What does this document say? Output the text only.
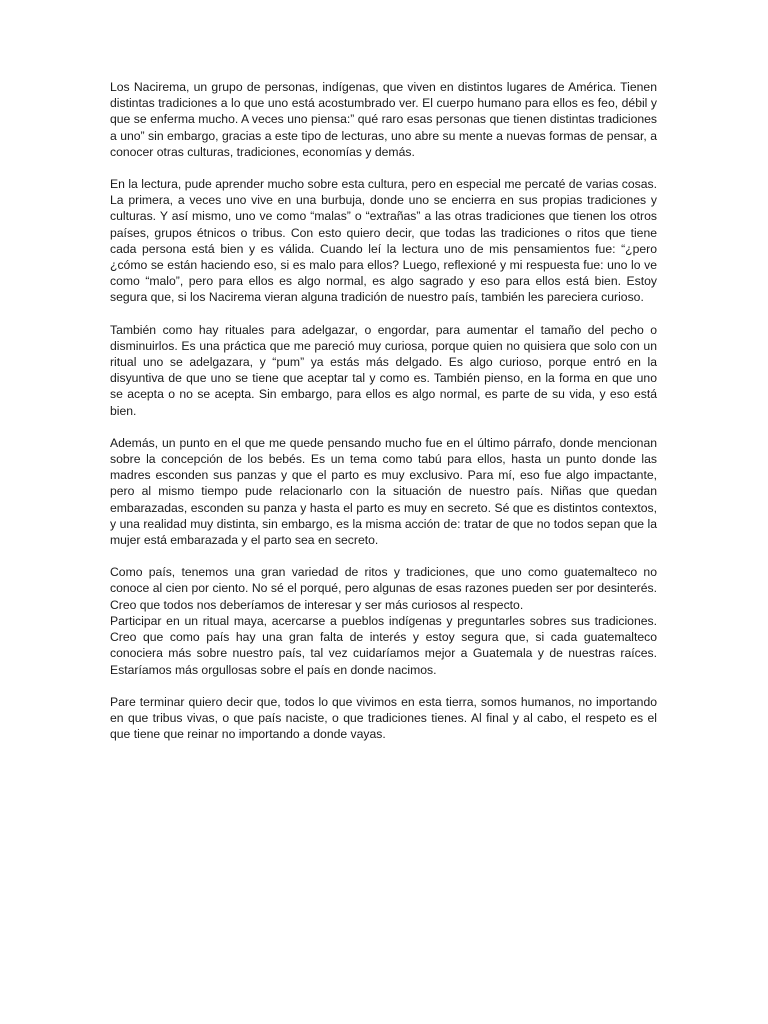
Los Nacirema, un grupo de personas, indígenas, que viven en distintos lugares de América. Tienen distintas tradiciones a lo que uno está acostumbrado ver. El cuerpo humano para ellos es feo, débil y que se enferma mucho. A veces uno piensa:” qué raro esas personas que tienen distintas tradiciones a uno” sin embargo, gracias a este tipo de lecturas, uno abre su mente a nuevas formas de pensar, a conocer otras culturas, tradiciones, economías y demás.

En la lectura, pude aprender mucho sobre esta cultura, pero en especial me percaté de varias cosas. La primera, a veces uno vive en una burbuja, donde uno se encierra en sus propias tradiciones y culturas. Y así mismo, uno ve como “malas” o “extrañas” a las otras tradiciones que tienen los otros países, grupos étnicos o tribus. Con esto quiero decir, que todas las tradiciones o ritos que tiene cada persona está bien y es válida. Cuando leí la lectura uno de mis pensamientos fue: “¿pero ¿cómo se están haciendo eso, si es malo para ellos? Luego, reflexioné y mi respuesta fue: uno lo ve como “malo”, pero para ellos es algo normal, es algo sagrado y eso para ellos está bien. Estoy segura que, si los Nacirema vieran alguna tradición de nuestro país, también les pareciera curioso.

También como hay rituales para adelgazar, o engordar, para aumentar el tamaño del pecho o disminuirlos. Es una práctica que me pareció muy curiosa, porque quien no quisiera que solo con un ritual uno se adelgazara, y “pum” ya estás más delgado. Es algo curioso, porque entró en la disyuntiva de que uno se tiene que aceptar tal y como es. También pienso, en la forma en que uno se acepta o no se acepta. Sin embargo, para ellos es algo normal, es parte de su vida, y eso está bien.

Además, un punto en el que me quede pensando mucho fue en el último párrafo, donde mencionan sobre la concepción de los bebés. Es un tema como tabú para ellos, hasta un punto donde las madres esconden sus panzas y que el parto es muy exclusivo. Para mí, eso fue algo impactante, pero al mismo tiempo pude relacionarlo con la situación de nuestro país. Niñas que quedan embarazadas, esconden su panza y hasta el parto es muy en secreto. Sé que es distintos contextos, y una realidad muy distinta, sin embargo, es la misma acción de: tratar de que no todos sepan que la mujer está embarazada y el parto sea en secreto.

Como país, tenemos una gran variedad de ritos y tradiciones, que uno como guatemalteco no conoce al cien por ciento. No sé el porqué, pero algunas de esas razones pueden ser por desinterés. Creo que todos nos deberíamos de interesar y ser más curiosos al respecto.

Participar en un ritual maya, acercarse a pueblos indígenas y preguntarles sobres sus tradiciones. Creo que como país hay una gran falta de interés y estoy segura que, si cada guatemalteco conociera más sobre nuestro país, tal vez cuidaríamos mejor a Guatemala y de nuestras raíces. Estaríamos más orgullosas sobre el país en donde nacimos.

Pare terminar quiero decir que, todos lo que vivimos en esta tierra, somos humanos, no importando en que tribus vivas, o que país naciste, o que tradiciones tienes. Al final y al cabo, el respeto es el que tiene que reinar no importando a donde vayas.
